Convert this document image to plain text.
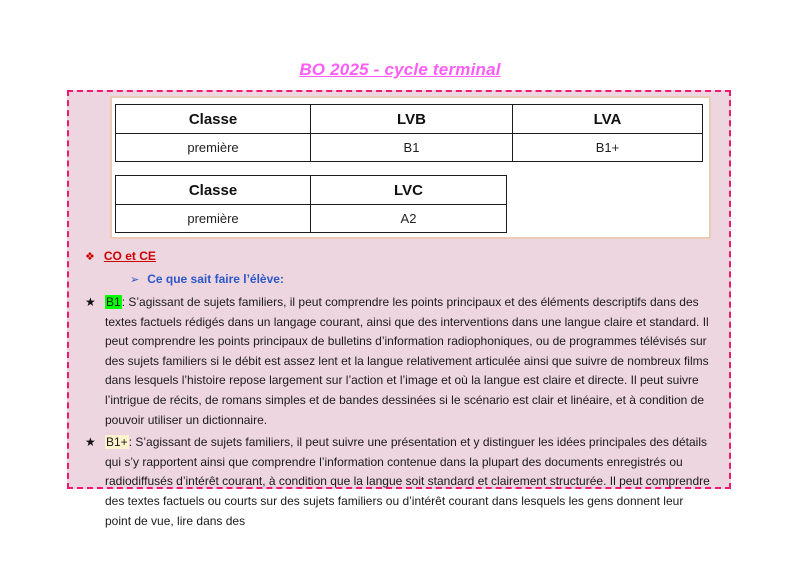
BO 2025 - cycle terminal
Classe	LVB	LVA
première	B1	B1+
Classe	LVC
première	A2
❖ CO et CE
➢ Ce que sait faire l’élève:
★ B1: S’agissant de sujets familiers, il peut comprendre les points principaux et des éléments descriptifs dans des textes factuels rédigés dans un langage courant, ainsi que des interventions dans une langue claire et standard. Il peut comprendre les points principaux de bulletins d’information radiophoniques, ou de programmes télévisés sur des sujets familiers si le débit est assez lent et la langue relativement articulée ainsi que suivre de nombreux films dans lesquels l’histoire repose largement sur l’action et l’image et où la langue est claire et directe. Il peut suivre l’intrigue de récits, de romans simples et de bandes dessinées si le scénario est clair et linéaire, et à condition de pouvoir utiliser un dictionnaire.
★ B1+: S’agissant de sujets familiers, il peut suivre une présentation et y distinguer les idées principales des détails qui s’y rapportent ainsi que comprendre l’information contenue dans la plupart des documents enregistrés ou radiodiffusés d’intérêt courant, à condition que la langue soit standard et clairement structurée. Il peut comprendre des textes factuels ou courts sur des sujets familiers ou d’intérêt courant dans lesquels les gens donnent leur point de vue, lire dans des
